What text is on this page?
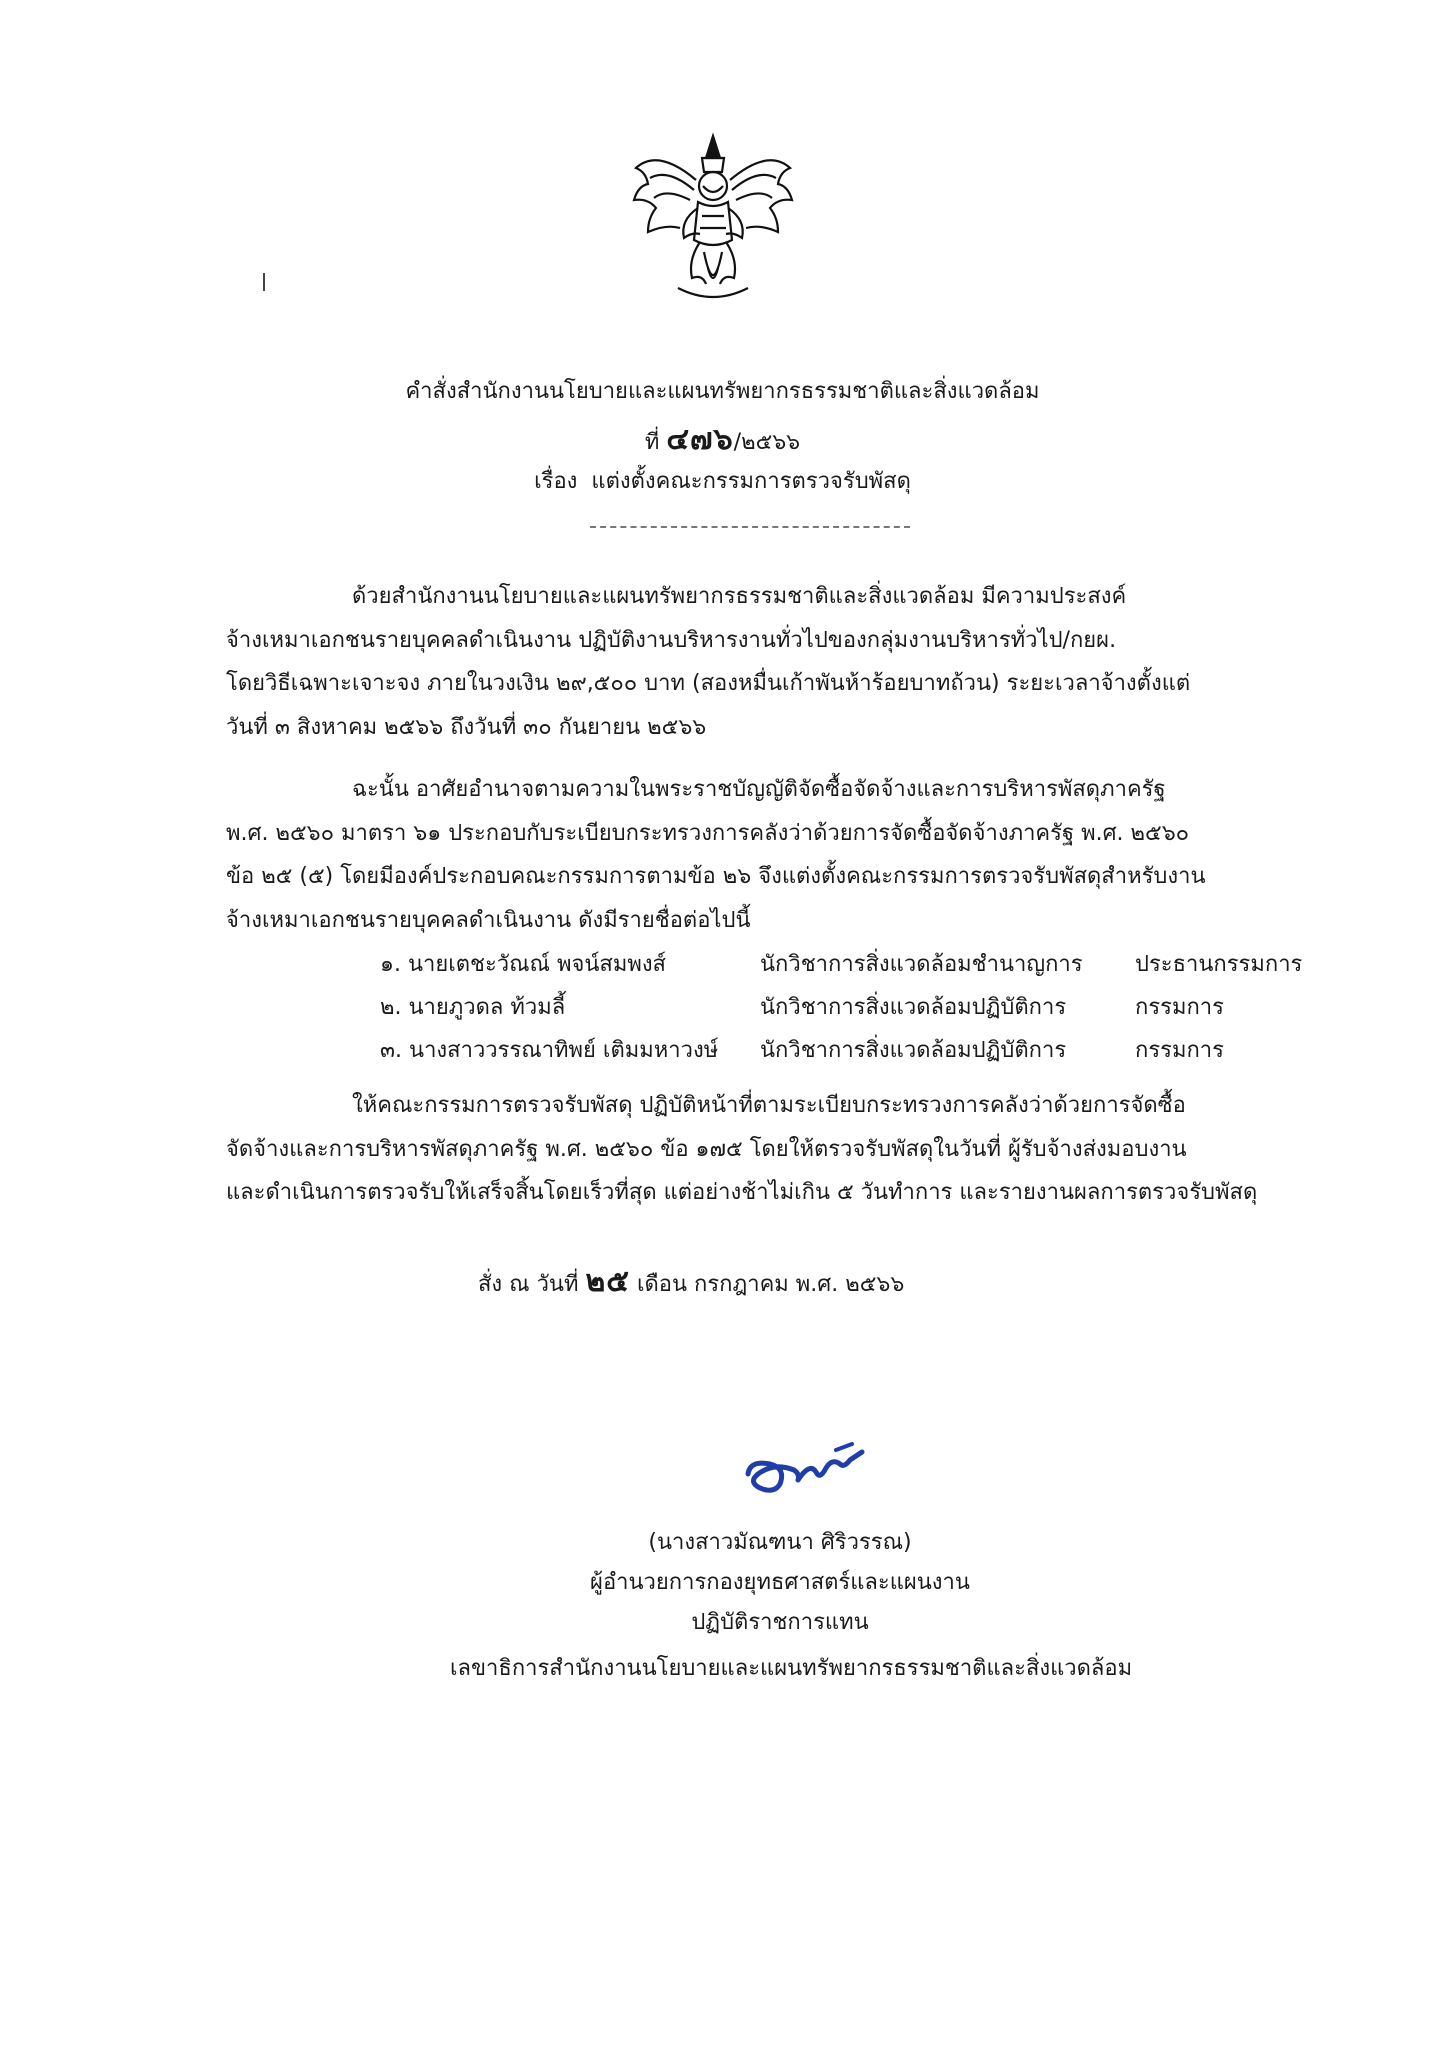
คำสั่งสำนักงานนโยบายและแผนทรัพยากรธรรมชาติและสิ่งแวดล้อม
ที่ ๔๗๖/๒๕๖๖
เรื่อง แต่งตั้งคณะกรรมการตรวจรับพัสดุ
ด้วยสำนักงานนโยบายและแผนทรัพยากรธรรมชาติและสิ่งแวดล้อม มีความประสงค์
จ้างเหมาเอกชนรายบุคคลดำเนินงาน ปฏิบัติงานบริหารงานทั่วไปของกลุ่มงานบริหารทั่วไป/กยผ.
โดยวิธีเฉพาะเจาะจง ภายในวงเงิน ๒๙,๕๐๐ บาท (สองหมื่นเก้าพันห้าร้อยบาทถ้วน) ระยะเวลาจ้างตั้งแต่
วันที่ ๓ สิงหาคม ๒๕๖๖ ถึงวันที่ ๓๐ กันยายน ๒๕๖๖
ฉะนั้น อาศัยอำนาจตามความในพระราชบัญญัติจัดซื้อจัดจ้างและการบริหารพัสดุภาครัฐ
พ.ศ. ๒๕๖๐ มาตรา ๖๑ ประกอบกับระเบียบกระทรวงการคลังว่าด้วยการจัดซื้อจัดจ้างภาครัฐ พ.ศ. ๒๕๖๐
ข้อ ๒๕ (๕) โดยมีองค์ประกอบคณะกรรมการตามข้อ ๒๖ จึงแต่งตั้งคณะกรรมการตรวจรับพัสดุสำหรับงาน
จ้างเหมาเอกชนรายบุคคลดำเนินงาน ดังมีรายชื่อต่อไปนี้
๑. นายเตชะวัณณ์ พจน์สมพงส์	นักวิชาการสิ่งแวดล้อมชำนาญการ ประธานกรรมการ
๒. นายภูวดล ท้วมลี้	นักวิชาการสิ่งแวดล้อมปฏิบัติการ	กรรมการ
๓. นางสาววรรณาทิพย์ เติมมหาวงษ์ นักวิชาการสิ่งแวดล้อมปฏิบัติการ	กรรมการ
ให้คณะกรรมการตรวจรับพัสดุ ปฏิบัติหน้าที่ตามระเบียบกระทรวงการคลังว่าด้วยการจัดซื้อ
จัดจ้างและการบริหารพัสดุภาครัฐ พ.ศ. ๒๕๖๐ ข้อ ๑๗๕ โดยให้ตรวจรับพัสดุในวันที่ ผู้รับจ้างส่งมอบงาน
และดำเนินการตรวจรับให้เสร็จสิ้นโดยเร็วที่สุด แต่อย่างช้าไม่เกิน ๕ วันทำการ และรายงานผลการตรวจรับพัสดุ
สั่ง ณ วันที่ ๒๕ เดือน กรกฎาคม พ.ศ. ๒๕๖๖
(นางสาวมัณฑนา ศิริวรรณ)
ผู้อำนวยการกองยุทธศาสตร์และแผนงาน
ปฏิบัติราชการแทน
เลขาธิการสำนักงานนโยบายและแผนทรัพยากรธรรมชาติและสิ่งแวดล้อม
